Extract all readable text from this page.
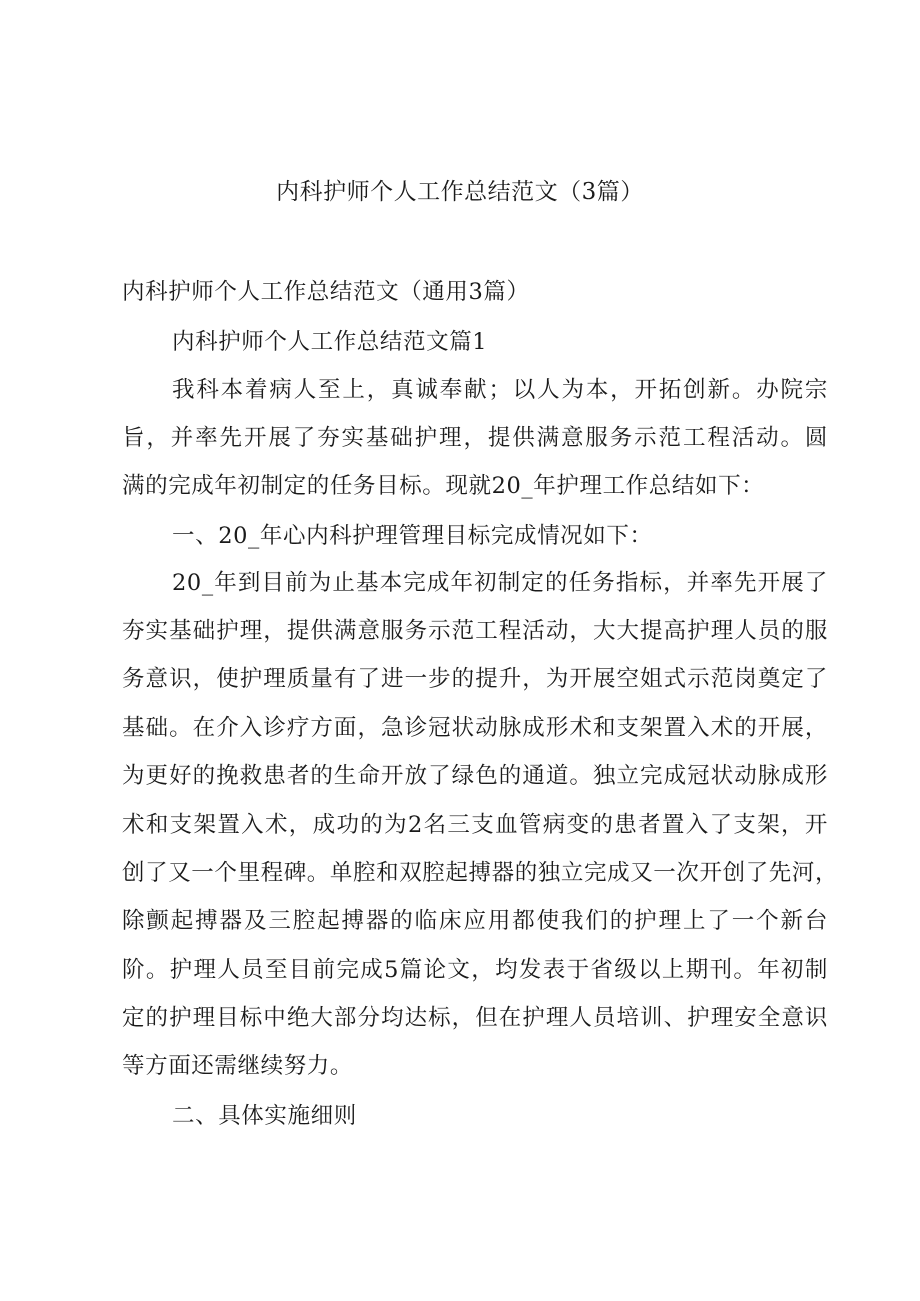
内科护师个人工作总结范文（3篇）
内科护师个人工作总结范文（通用3篇）
内科护师个人工作总结范文篇1
我科本着病人至上，真诚奉献；以人为本，开拓创新。办院宗
旨，并率先开展了夯实基础护理，提供满意服务示范工程活动。圆
满的完成年初制定的任务目标。现就20_年护理工作总结如下：
一、20_年心内科护理管理目标完成情况如下：
20_年到目前为止基本完成年初制定的任务指标，并率先开展了
夯实基础护理，提供满意服务示范工程活动，大大提高护理人员的服
务意识，使护理质量有了进一步的提升，为开展空姐式示范岗奠定了
基础。在介入诊疗方面，急诊冠状动脉成形术和支架置入术的开展，
为更好的挽救患者的生命开放了绿色的通道。独立完成冠状动脉成形
术和支架置入术，成功的为2名三支血管病变的患者置入了支架，开
创了又一个里程碑。单腔和双腔起搏器的独立完成又一次开创了先河，
除颤起搏器及三腔起搏器的临床应用都使我们的护理上了一个新台
阶。护理人员至目前完成5篇论文，均发表于省级以上期刊。年初制
定的护理目标中绝大部分均达标，但在护理人员培训、护理安全意识
等方面还需继续努力。
二、具体实施细则
